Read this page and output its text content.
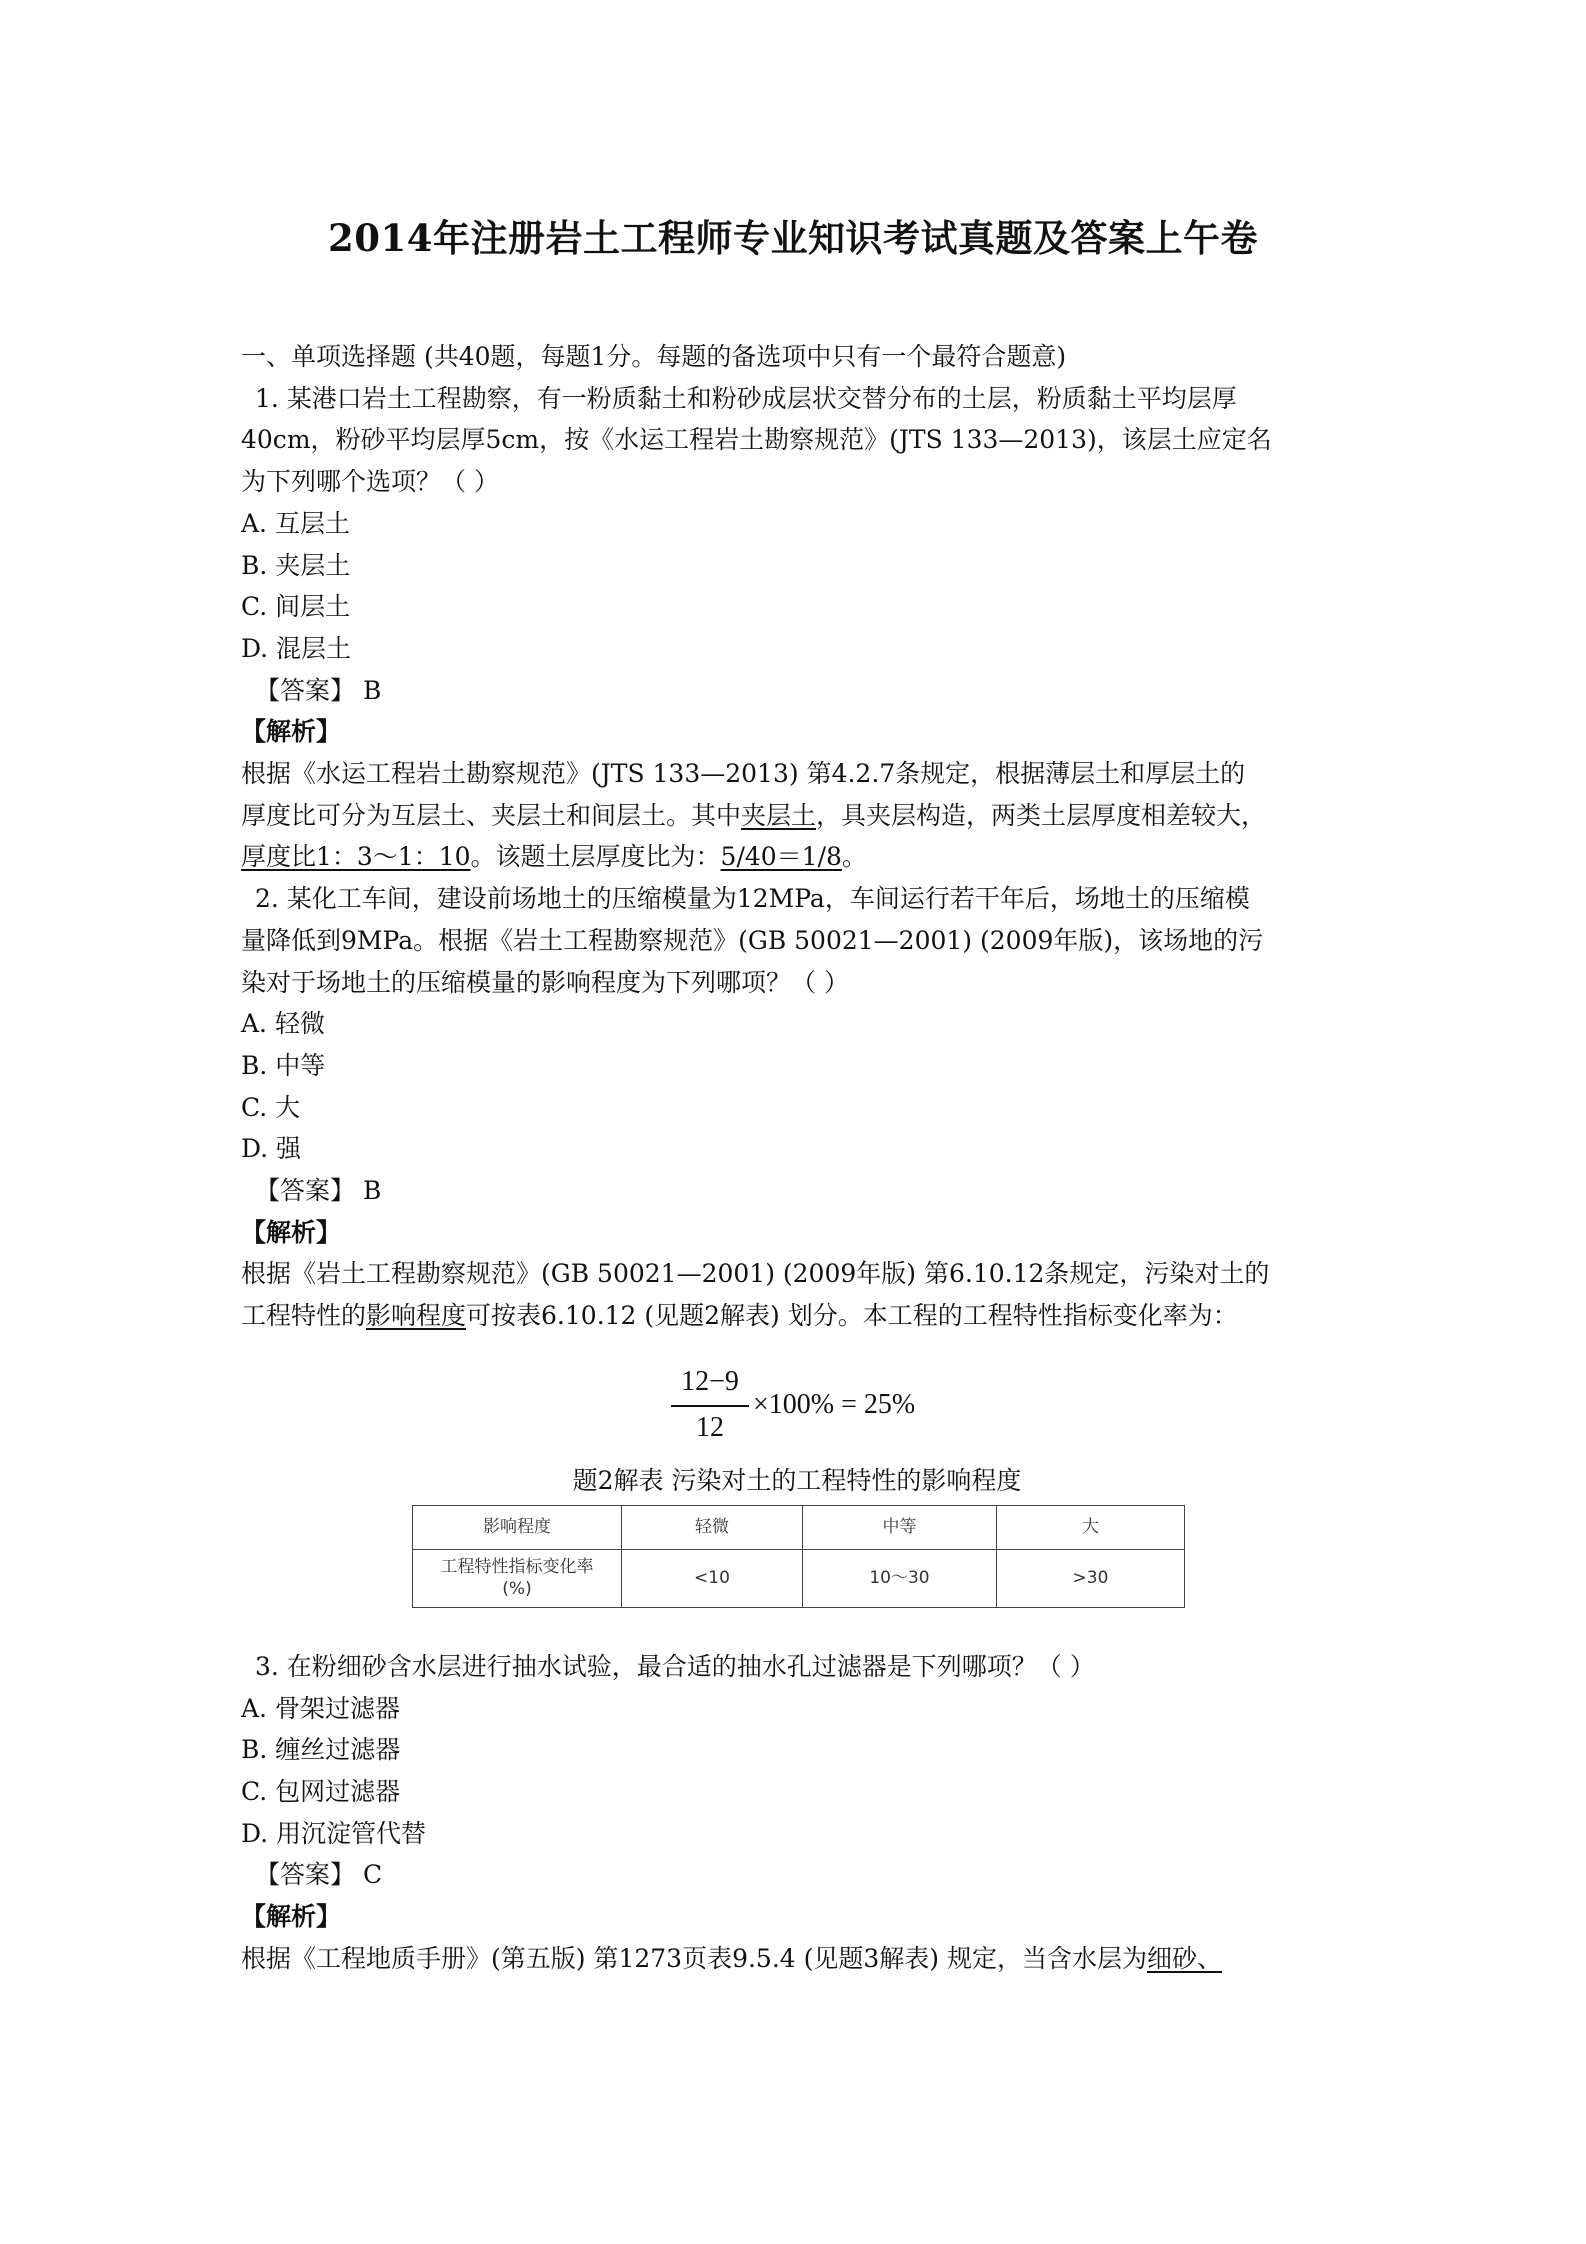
2014年注册岩土工程师专业知识考试真题及答案上午卷
一、单项选择题 (共40题，每题1分。每题的备选项中只有一个最符合题意)
1. 某港口岩土工程勘察，有一粉质黏土和粉砂成层状交替分布的土层，粉质黏土平均层厚
40cm，粉砂平均层厚5cm，按《水运工程岩土勘察规范》(JTS 133—2013)，该层土应定名
为下列哪个选项？（ ）
A. 互层土
B. 夹层土
C. 间层土
D. 混层土
【答案】 B
【解析】
根据《水运工程岩土勘察规范》(JTS 133—2013) 第4.2.7条规定，根据薄层土和厚层土的
厚度比可分为互层土、夹层土和间层土。其中夹层土，具夹层构造，两类土层厚度相差较大，
厚度比1：3～1：10。该题土层厚度比为：5/40＝1/8。
2. 某化工车间，建设前场地土的压缩模量为12MPa，车间运行若干年后，场地土的压缩模
量降低到9MPa。根据《岩土工程勘察规范》(GB 50021—2001) (2009年版)，该场地的污
染对于场地土的压缩模量的影响程度为下列哪项？（ ）
A. 轻微
B. 中等
C. 大
D. 强
【答案】 B
【解析】
根据《岩土工程勘察规范》(GB 50021—2001) (2009年版) 第6.10.12条规定，污染对土的
工程特性的影响程度可按表6.10.12 (见题2解表) 划分。本工程的工程特性指标变化率为：
12−9
12
×100% = 25%
题2解表 污染对土的工程特性的影响程度
影响程度	轻微	中等	大

工程特性指标变化率
(%)	<10	10～30	>30
3. 在粉细砂含水层进行抽水试验，最合适的抽水孔过滤器是下列哪项？（ ）
A. 骨架过滤器
B. 缠丝过滤器
C. 包网过滤器
D. 用沉淀管代替
【答案】 C
【解析】
根据《工程地质手册》(第五版) 第1273页表9.5.4 (见题3解表) 规定，当含水层为细砂、
